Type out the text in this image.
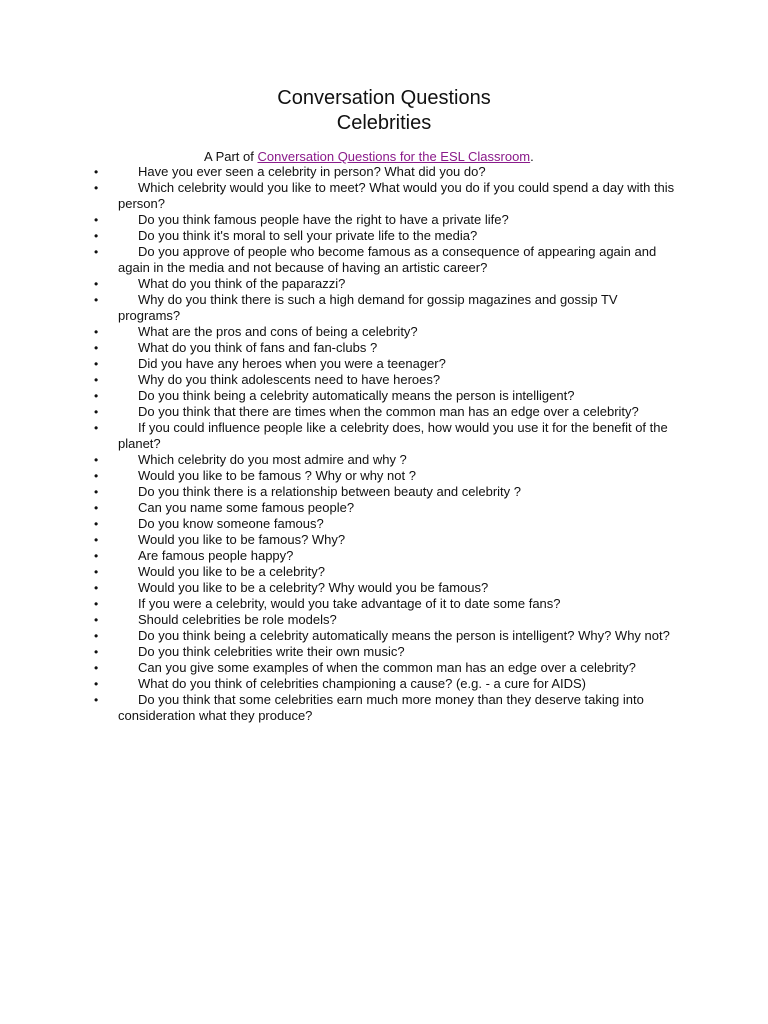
Conversation Questions

Celebrities

A Part of Conversation Questions for the ESL Classroom.
•	Have you ever seen a celebrity in person? What did you do?
•	Which celebrity would you like to meet? What would you do if you could spend a day with this person?
•	Do you think famous people have the right to have a private life?
•	Do you think it's moral to sell your private life to the media?
•	Do you approve of people who become famous as a consequence of appearing again and again in the media and not because of having an artistic career?
•	What do you think of the paparazzi?
•	Why do you think there is such a high demand for gossip magazines and gossip TV programs?
•	What are the pros and cons of being a celebrity?
•	What do you think of fans and fan-clubs ?
•	Did you have any heroes when you were a teenager?
•	Why do you think adolescents need to have heroes?
•	Do you think being a celebrity automatically means the person is intelligent?
•	Do you think that there are times when the common man has an edge over a celebrity?
•	If you could influence people like a celebrity does, how would you use it for the benefit of the planet?
•	Which celebrity do you most admire and why ?
•	Would you like to be famous ? Why or why not ?
•	Do you think there is a relationship between beauty and celebrity ?
•	Can you name some famous people?
•	Do you know someone famous?
•	Would you like to be famous? Why?
•	Are famous people happy?
•	Would you like to be a celebrity?
•	Would you like to be a celebrity? Why would you be famous?
•	If you were a celebrity, would you take advantage of it to date some fans?
•	Should celebrities be role models?
•	Do you think being a celebrity automatically means the person is intelligent? Why? Why not?
•	Do you think celebrities write their own music?
•	Can you give some examples of when the common man has an edge over a celebrity?
•	What do you think of celebrities championing a cause? (e.g. - a cure for AIDS)
•	Do you think that some celebrities earn much more money than they deserve taking into consideration what they produce?
